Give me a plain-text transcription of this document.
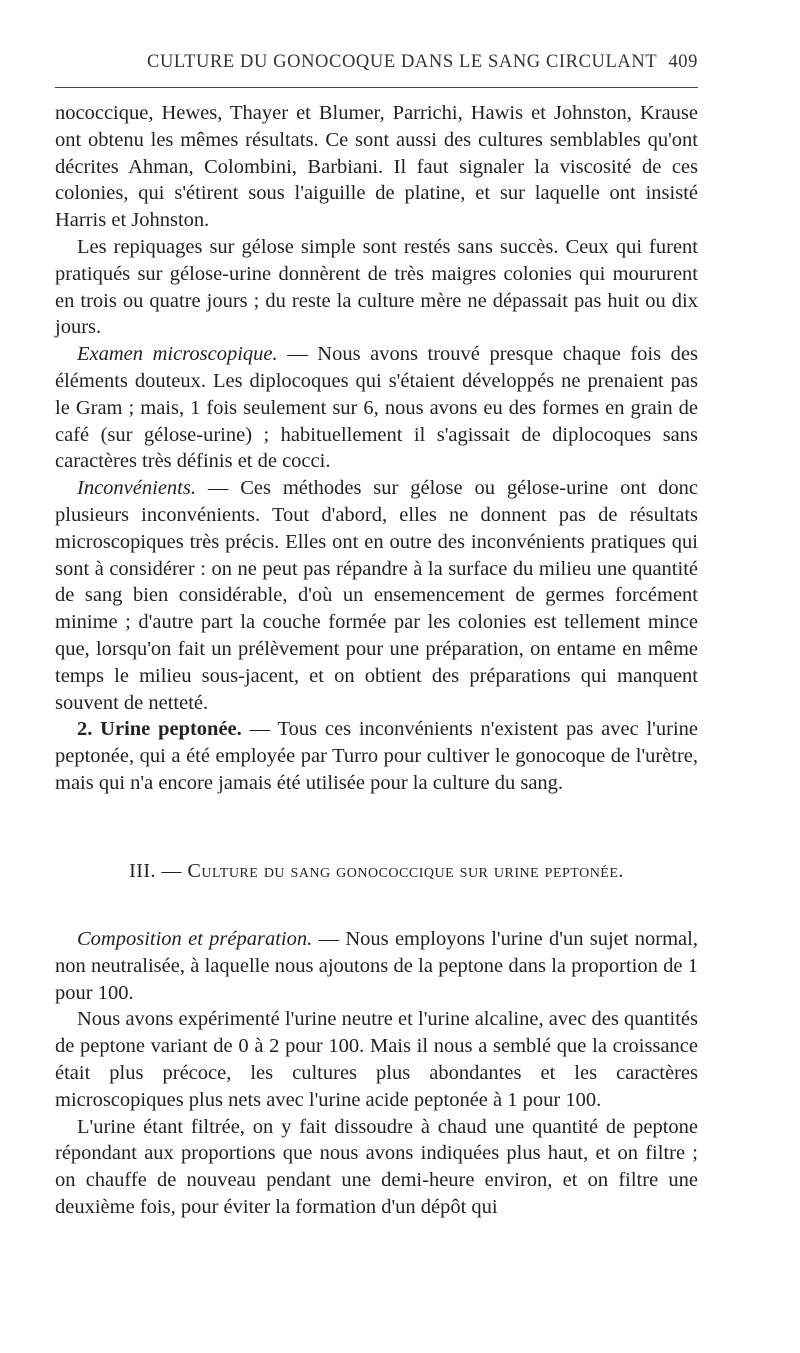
CULTURE DU GONOCOQUE DANS LE SANG CIRCULANT 409

nococcique, Hewes, Thayer et Blumer, Parrichi, Hawis et Johnston, Krause ont obtenu les mêmes résultats. Ce sont aussi des cultures semblables qu'ont décrites Ahman, Colombini, Barbiani. Il faut signaler la viscosité de ces colonies, qui s'étirent sous l'aiguille de platine, et sur laquelle ont insisté Harris et Johnston.

Les repiquages sur gélose simple sont restés sans succès. Ceux qui furent pratiqués sur gélose-urine donnèrent de très maigres colonies qui moururent en trois ou quatre jours ; du reste la culture mère ne dépassait pas huit ou dix jours.

Examen microscopique. — Nous avons trouvé presque chaque fois des éléments douteux. Les diplocoques qui s'étaient développés ne prenaient pas le Gram ; mais, 1 fois seulement sur 6, nous avons eu des formes en grain de café (sur gélose-urine) ; habituellement il s'agissait de diplocoques sans caractères très définis et de cocci.

Inconvénients. — Ces méthodes sur gélose ou gélose-urine ont donc plusieurs inconvénients. Tout d'abord, elles ne donnent pas de résultats microscopiques très précis. Elles ont en outre des inconvénients pratiques qui sont à considérer : on ne peut pas répandre à la surface du milieu une quantité de sang bien considérable, d'où un ensemencement de germes forcément minime ; d'autre part la couche formée par les colonies est tellement mince que, lorsqu'on fait un prélèvement pour une préparation, on entame en même temps le milieu sous-jacent, et on obtient des préparations qui manquent souvent de netteté.

2. Urine peptonée. — Tous ces inconvénients n'existent pas avec l'urine peptonée, qui a été employée par Turro pour cultiver le gonocoque de l'urètre, mais qui n'a encore jamais été utilisée pour la culture du sang.

III. — Culture du sang gonococcique sur urine peptonée.

Composition et préparation. — Nous employons l'urine d'un sujet normal, non neutralisée, à laquelle nous ajoutons de la peptone dans la proportion de 1 pour 100.

Nous avons expérimenté l'urine neutre et l'urine alcaline, avec des quantités de peptone variant de 0 à 2 pour 100. Mais il nous a semblé que la croissance était plus précoce, les cultures plus abondantes et les caractères microscopiques plus nets avec l'urine acide peptonée à 1 pour 100.

L'urine étant filtrée, on y fait dissoudre à chaud une quantité de peptone répondant aux proportions que nous avons indiquées plus haut, et on filtre ; on chauffe de nouveau pendant une demi-heure environ, et on filtre une deuxième fois, pour éviter la formation d'un dépôt qui
